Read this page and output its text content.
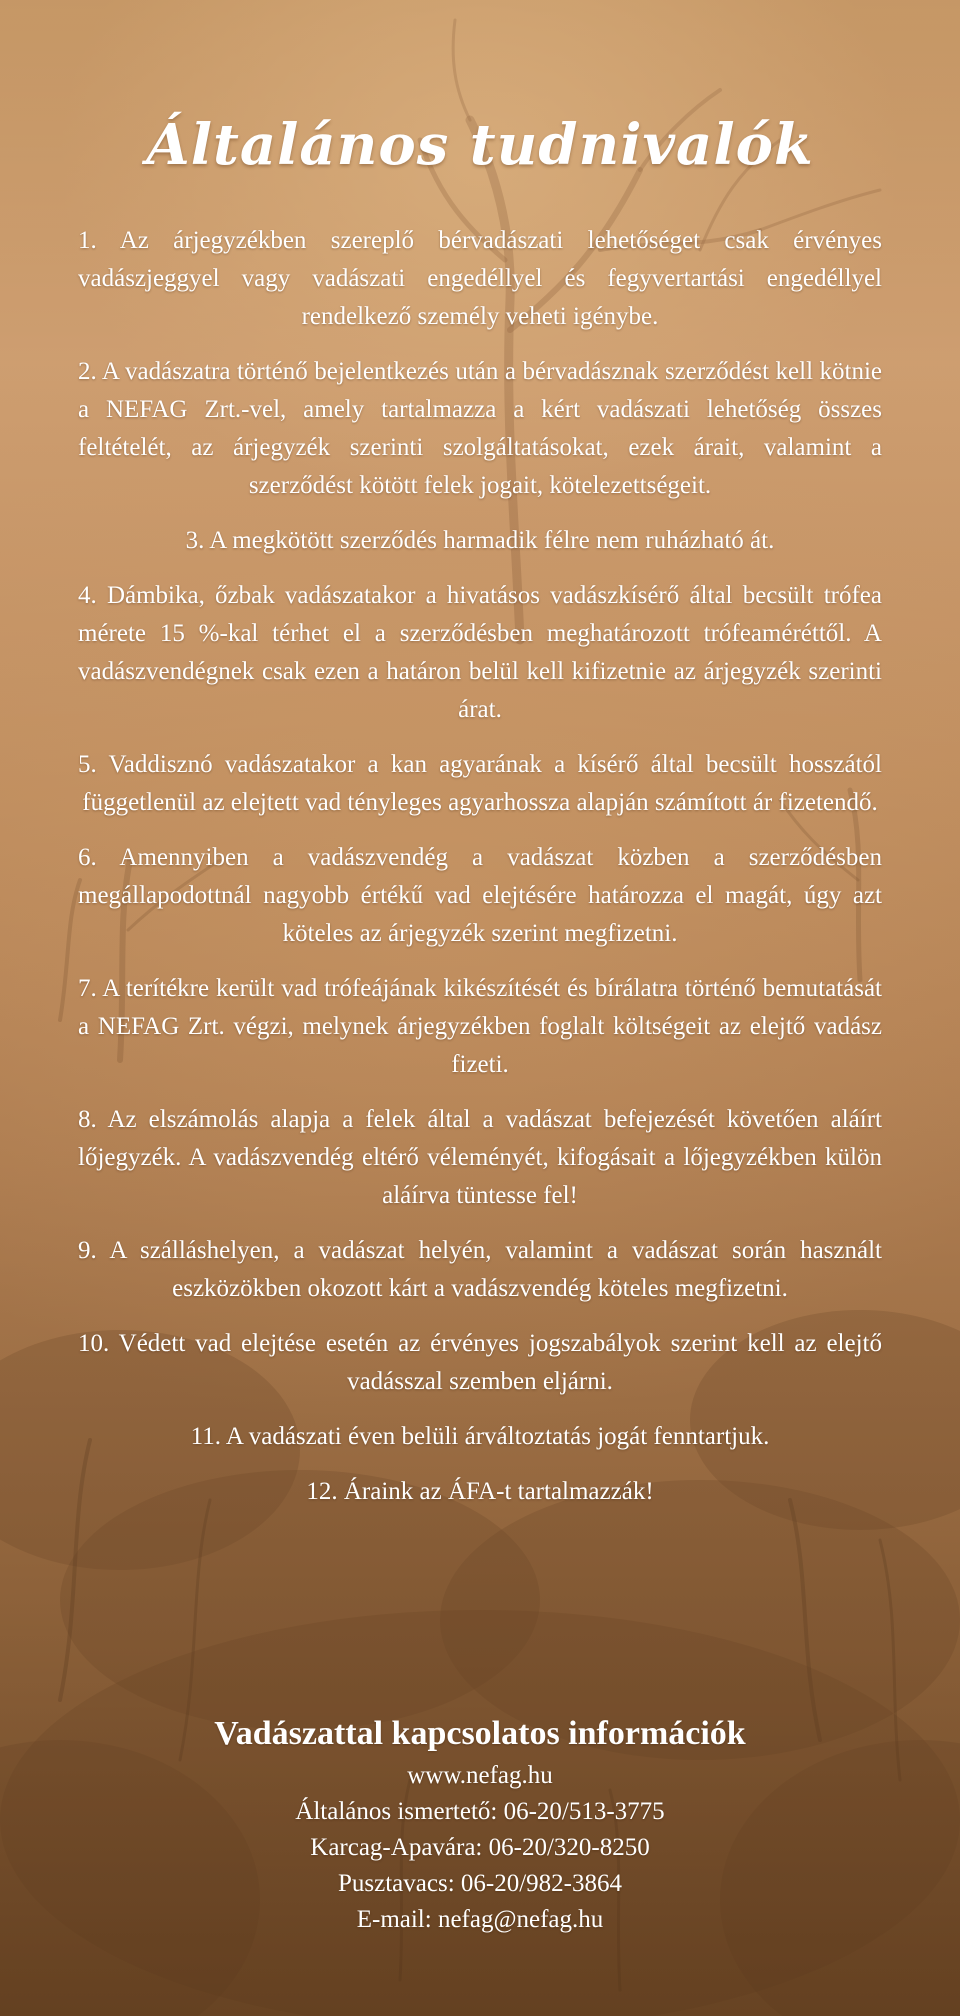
Általános tudnivalók
1. Az árjegyzékben szereplő bérvadászati lehetőséget csak érvényes vadászjeggyel vagy vadászati engedéllyel és fegyvertartási engedéllyel rendelkező személy veheti igénybe.
2. A vadászatra történő bejelentkezés után a bérvadásznak szerződést kell kötnie a NEFAG Zrt.-vel, amely tartalmazza a kért vadászati lehetőség összes feltételét, az árjegyzék szerinti szolgáltatásokat, ezek árait, valamint a szerződést kötött felek jogait, kötelezettségeit.
3. A megkötött szerződés harmadik félre nem ruházható át.
4. Dámbika, őzbak vadászatakor a hivatásos vadászkísérő által becsült trófea mérete 15 %-kal térhet el a szerződésben meghatározott trófeaméréttől. A vadászvendégnek csak ezen a határon belül kell kifizetnie az árjegyzék szerinti árat.
5. Vaddisznó vadászatakor a kan agyarának a kísérő által becsült hosszától függetlenül az elejtett vad tényleges agyarhossza alapján számított ár fizetendő.
6. Amennyiben a vadászvendég a vadászat közben a szerződésben megállapodottnál nagyobb értékű vad elejtésére határozza el magát, úgy azt köteles az árjegyzék szerint megfizetni.
7. A terítékre került vad trófeájának kikészítését és bírálatra történő bemutatását a NEFAG Zrt. végzi, melynek árjegyzékben foglalt költségeit az elejtő vadász fizeti.
8. Az elszámolás alapja a felek által a vadászat befejezését követően aláírt lőjegyzék. A vadászvendég eltérő véleményét, kifogásait a lőjegyzékben külön aláírva tüntesse fel!
9. A szálláshelyen, a vadászat helyén, valamint a vadászat során használt eszközökben okozott kárt a vadászvendég köteles megfizetni.
10. Védett vad elejtése esetén az érvényes jogszabályok szerint kell az elejtő vadásszal szemben eljárni.
11. A vadászati éven belüli árváltoztatás jogát fenntartjuk.
12. Áraink az ÁFA-t tartalmazzák!
Vadászattal kapcsolatos információk
www.nefag.hu
Általános ismertető: 06-20/513-3775
Karcag-Apavára: 06-20/320-8250
Pusztavacs: 06-20/982-3864
E-mail: nefag@nefag.hu
